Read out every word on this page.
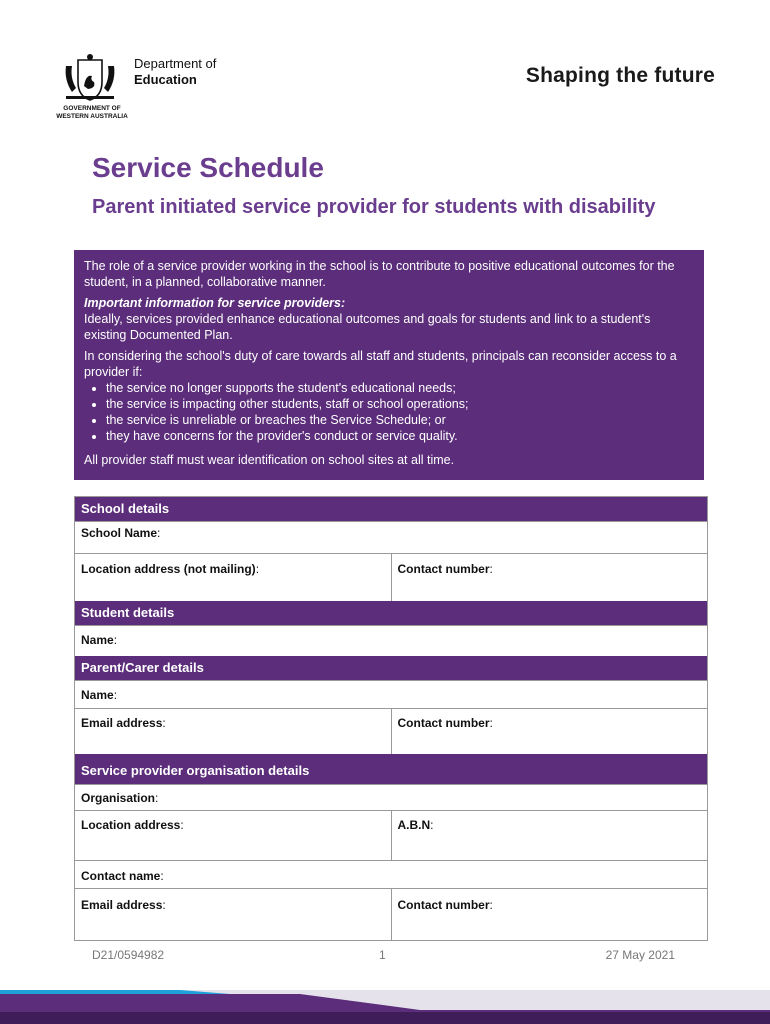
Department of
Education
GOVERNMENT OF
WESTERN AUSTRALIA
Shaping the future
Service Schedule
Parent initiated service provider for students with disability

The role of a service provider working in the school is to contribute to positive educational outcomes for the student, in a planned, collaborative manner.

Important information for service providers:

Ideally, services provided enhance educational outcomes and goals for students and link to a student's existing Documented Plan.

In considering the school's duty of care towards all staff and students, principals can reconsider access to a provider if:

• the service no longer supports the student's educational needs;
• the service is impacting other students, staff or school operations;
• the service is unreliable or breaches the Service Schedule; or
• they have concerns for the provider's conduct or service quality.

All provider staff must wear identification on school sites at all time.

School details
School Name:
Location address (not mailing):	Contact number:
Student details
Name:
Parent/Carer details
Name:
Email address:	Contact number:
Service provider organisation details
Organisation:
Location address:	A.B.N:
Contact name:
Email address:	Contact number:
D21/0594982	1	27 May 2021
